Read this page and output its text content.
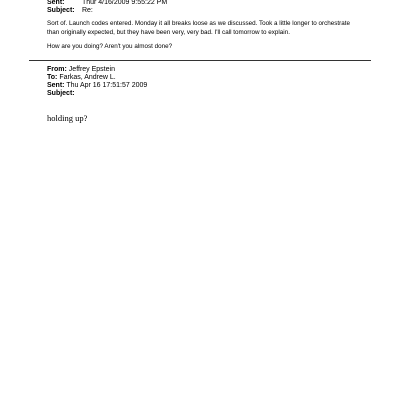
Sent: Thur 4/16/2009 9:55:22 PM
Subject: Re:
Sort of. Launch codes entered. Monday it all breaks loose as we discussed. Took a little longer to orchestrate than originally expected, but they have been very, very bad. I'll call tomorrow to explain.
How are you doing? Aren't you almost done?
From: Jeffrey Epstein
To: Farkas, Andrew L.
Sent: Thu Apr 16 17:51:57 2009
Subject:
holding up?
